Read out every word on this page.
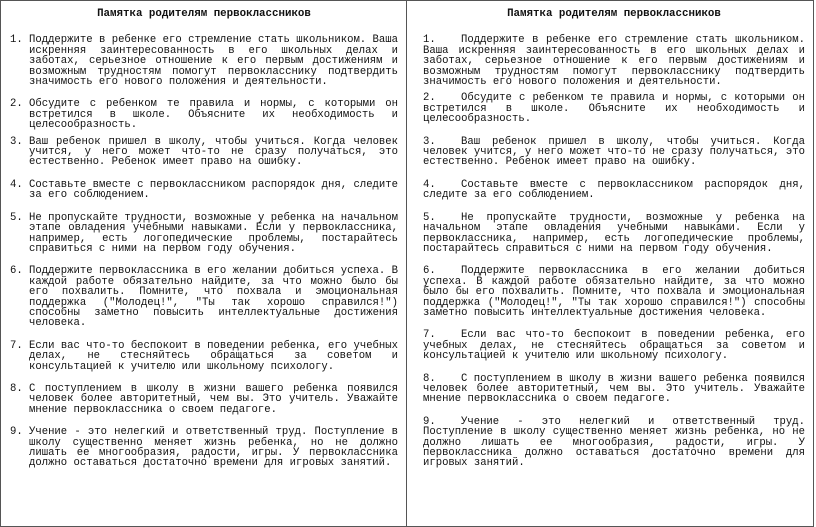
Памятка родителям первоклассников
1. Поддержите в ребенке его стремление стать школьником. Ваша искренняя заинтересованность в его школьных делах и заботах, серьезное отношение к его первым достижениям и возможным трудностям помогут первокласснику подтвердить значимость его нового положения и деятельности.
2. Обсудите с ребенком те правила и нормы, с которыми он встретился в школе. Объясните их необходимость и целесообразность.
3. Ваш ребенок пришел в школу, чтобы учиться. Когда человек учится, у него может что-то не сразу получаться, это естественно. Ребенок имеет право на ошибку.
4. Составьте вместе с первоклассником распорядок дня, следите за его соблюдением.
5. Не пропускайте трудности, возможные у ребенка на начальном этапе овладения учебными навыками. Если у первоклассника, например, есть логопедические проблемы, постарайтесь справиться с ними на первом году обучения.
6. Поддержите первоклассника в его желании добиться успеха. В каждой работе обязательно найдите, за что можно было бы его похвалить. Помните, что похвала и эмоциональная поддержка ("Молодец!", "Ты так хорошо справился!") способны заметно повысить интеллектуальные достижения человека.
7. Если вас что-то беспокоит в поведении ребенка, его учебных делах, не стесняйтесь обращаться за советом и консультацией к учителю или школьному психологу.
8. С поступлением в школу в жизни вашего ребенка появился человек более авторитетный, чем вы. Это учитель. Уважайте мнение первоклассника о своем педагоге.
9. Учение - это нелегкий и ответственный труд. Поступление в школу существенно меняет жизнь ребенка, но не должно лишать ее многообразия, радости, игры. У первоклассника должно оставаться достаточно времени для игровых занятий.
Памятка родителям первоклассников
1. Поддержите в ребенке его стремление стать школьником. Ваша искренняя заинтересованность в его школьных делах и заботах, серьезное отношение к его первым достижениям и возможным трудностям помогут первокласснику подтвердить значимость его нового положения и деятельности.
2. Обсудите с ребенком те правила и нормы, с которыми он встретился в школе. Объясните их необходимость и целесообразность.
3. Ваш ребенок пришел в школу, чтобы учиться. Когда человек учится, у него может что-то не сразу получаться, это естественно. Ребенок имеет право на ошибку.
4. Составьте вместе с первоклассником распорядок дня, следите за его соблюдением.
5. Не пропускайте трудности, возможные у ребенка на начальном этапе овладения учебными навыками. Если у первоклассника, например, есть логопедические проблемы, постарайтесь справиться с ними на первом году обучения.
6. Поддержите первоклассника в его желании добиться успеха. В каждой работе обязательно найдите, за что можно было бы его похвалить. Помните, что похвала и эмоциональная поддержка ("Молодец!", "Ты так хорошо справился!") способны заметно повысить интеллектуальные достижения человека.
7. Если вас что-то беспокоит в поведении ребенка, его учебных делах, не стесняйтесь обращаться за советом и консультацией к учителю или школьному психологу.
8. С поступлением в школу в жизни вашего ребенка появился человек более авторитетный, чем вы. Это учитель. Уважайте мнение первоклассника о своем педагоге.
9. Учение - это нелегкий и ответственный труд. Поступление в школу существенно меняет жизнь ребенка, но не должно лишать ее многообразия, радости, игры. У первоклассника должно оставаться достаточно времени для игровых занятий.
